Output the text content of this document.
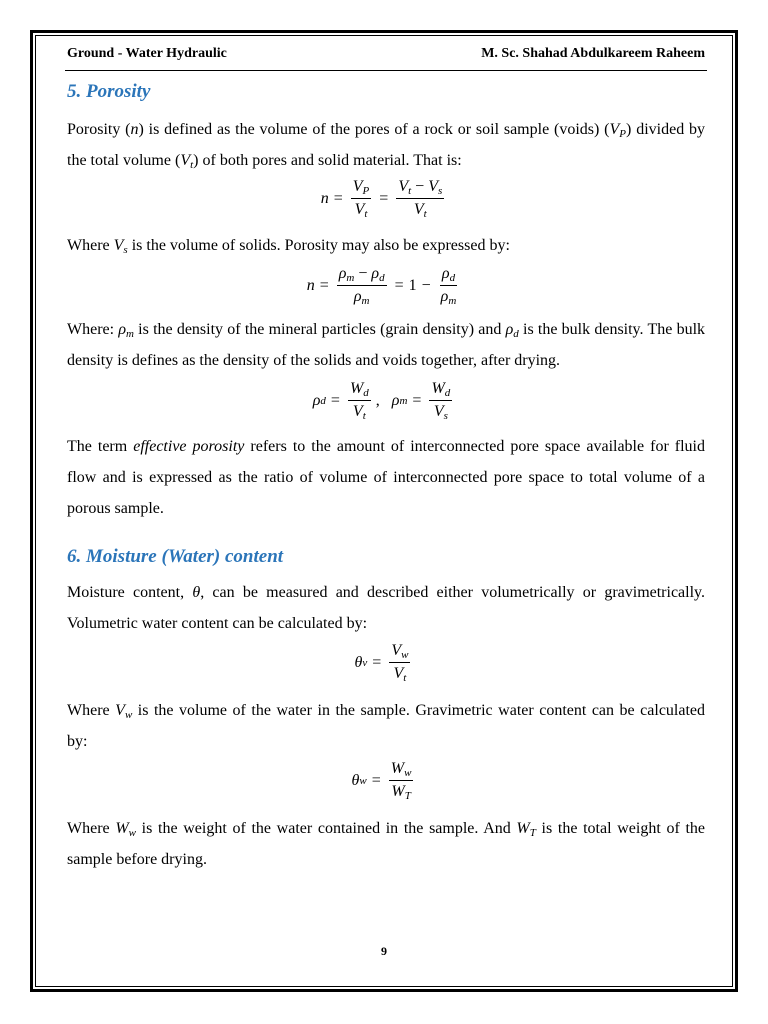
Ground - Water Hydraulic	M. Sc. Shahad Abdulkareem Raheem
5. Porosity

Porosity (n) is defined as the volume of the pores of a rock or soil sample (voids) $(V_P)$ divided by the total volume $(V_t)$ of both pores and solid material. That is:

$n = \frac{V_P}{V_t} = \frac{V_t - V_s}{V_t}$

Where $V_s$ is the volume of solids. Porosity may also be expressed by:

$n = \frac{\rho_m - \rho_d}{\rho_m} = 1 - \frac{\rho_d}{\rho_m}$

Where: $\rho_m$ is the density of the mineral particles (grain density) and $\rho_d$ is the bulk density. The bulk density is defines as the density of the solids and voids together, after drying.

ρ $d = \frac{W_d}{V_t}$ , ρ $m = \frac{W_d}{V_s}$

The term effective porosity refers to the amount of interconnected pore space available for fluid flow and is expressed as the ratio of volume of interconnected pore space to total volume of a porous sample.

6. Moisture (Water) content

Moisture content, θ, can be measured and described either volumetrically or gravimetrically. Volumetric water content can be calculated by:

θ $v = \frac{V_w}{V_t}$

Where $V_w$ is the volume of the water in the sample. Gravimetric water content can be calculated by:

θ $w = \frac{W_w}{W_T}$

Where $W_w$ is the weight of the water contained in the sample. And $W_T$ is the total weight of the sample before drying.

9
